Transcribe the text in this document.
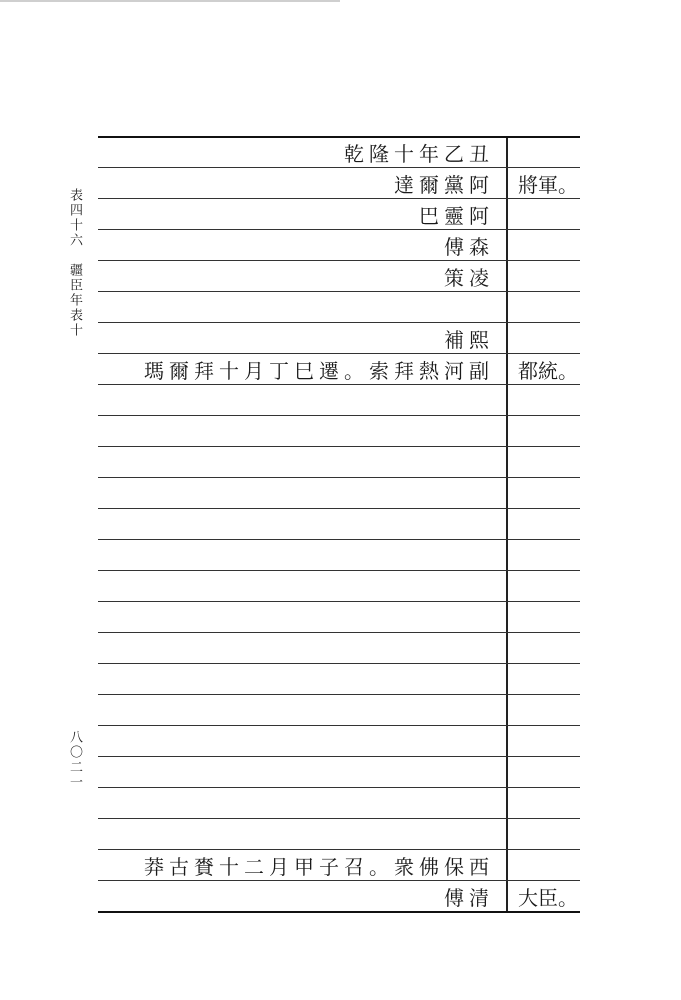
表四十六　疆臣年表十
八〇二一
乾隆十年乙丑
達爾黨阿	將軍。
巴靈阿
傅森
策凌
補熙
瑪爾拜十月丁巳遷。索拜熱河副	都統。
莽古賚十二月甲子召。衆佛保西
傅清	大臣。
